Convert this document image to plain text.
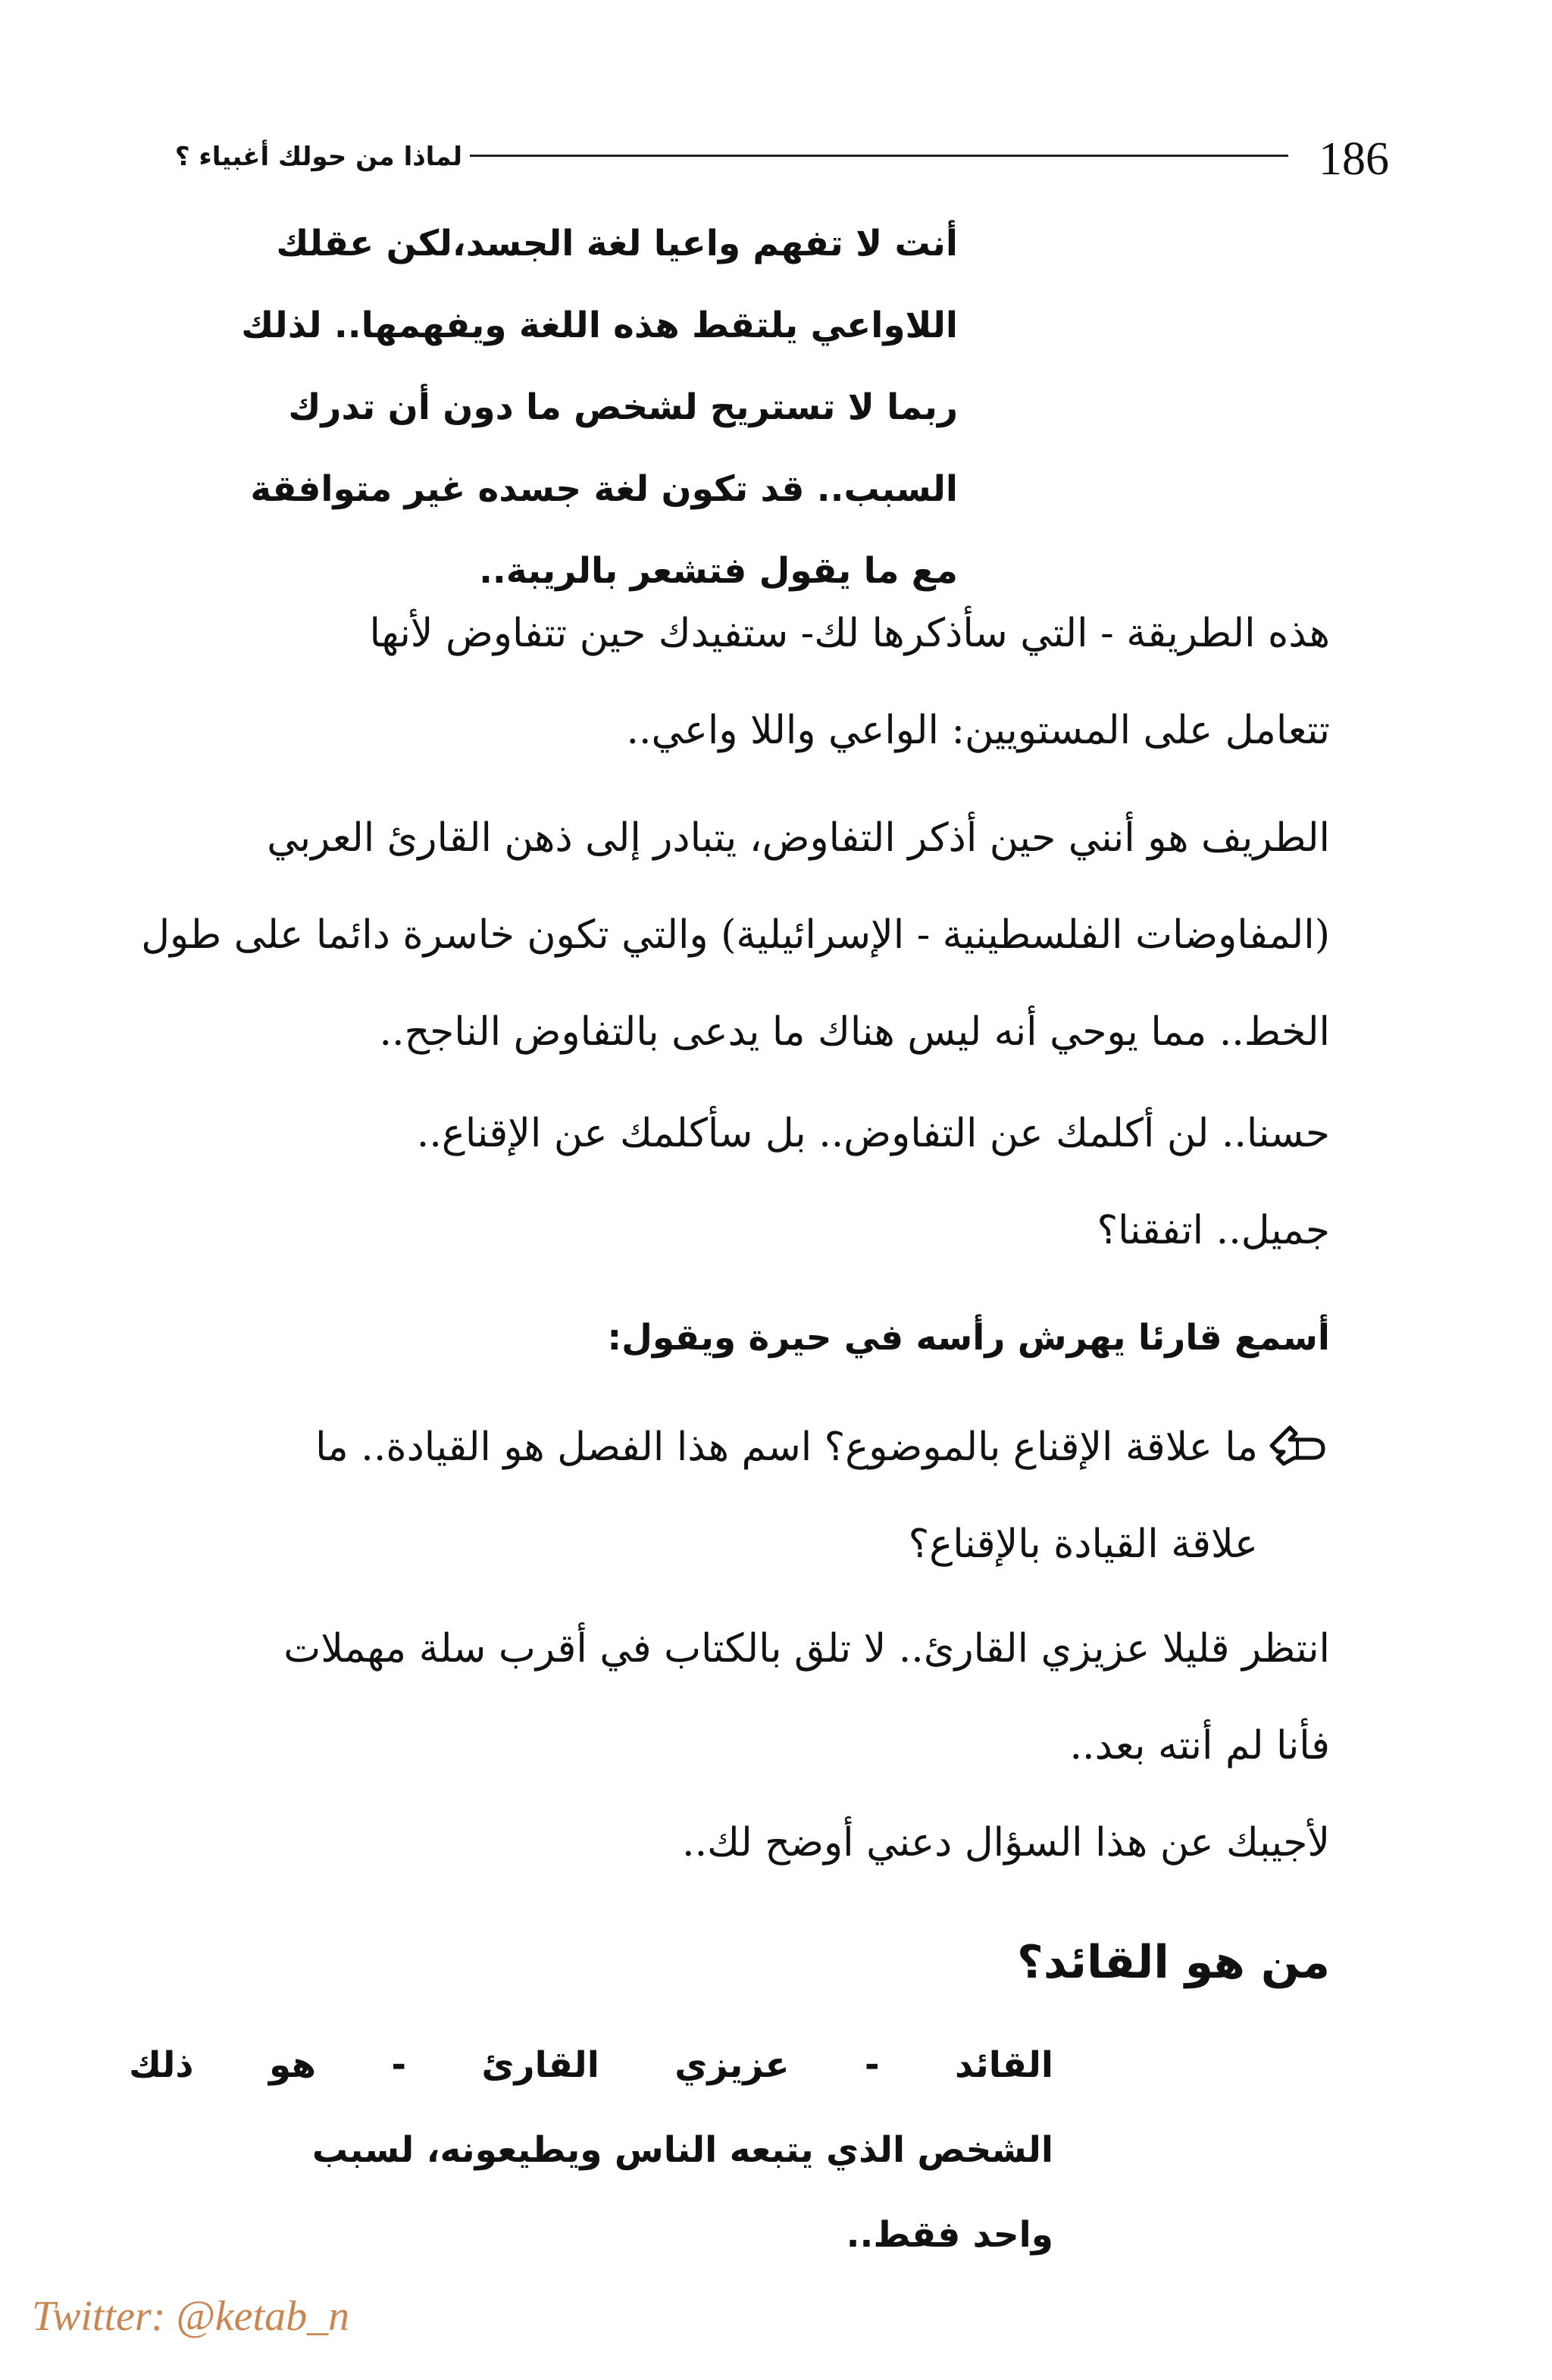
186
لماذا من حولك أغبياء ؟
أنت لا تفهم واعيا لغة الجسد،لكن عقلك
اللاواعي يلتقط هذه اللغة ويفهمها.. لذلك
ربما لا تستريح لشخص ما دون أن تدرك
السبب.. قد تكون لغة جسده غير متوافقة
مع ما يقول فتشعر بالريبة..
هذه الطريقة - التي سأذكرها لك- ستفيدك حين تتفاوض لأنها
تتعامل على المستويين: الواعي واللا واعي..
الطريف هو أنني حين أذكر التفاوض، يتبادر إلى ذهن القارئ العربي
(المفاوضات الفلسطينية - الإسرائيلية) والتي تكون خاسرة دائما على طول
الخط.. مما يوحي أنه ليس هناك ما يدعى بالتفاوض الناجح..
حسنا.. لن أكلمك عن التفاوض.. بل سأكلمك عن الإقناع..
جميل.. اتفقنا؟
أسمع قارئا يهرش رأسه في حيرة ويقول:
ما علاقة الإقناع بالموضوع؟ اسم هذا الفصل هو القيادة.. ما
علاقة القيادة بالإقناع؟
انتظر قليلا عزيزي القارئ.. لا تلق بالكتاب في أقرب سلة مهملات
فأنا لم أنته بعد..
لأجيبك عن هذا السؤال دعني أوضح لك..
من هو القائد؟
القائد - عزيزي القارئ - هو ذلك
الشخص الذي يتبعه الناس ويطيعونه، لسبب
واحد فقط..
Twitter: @ketab_n
